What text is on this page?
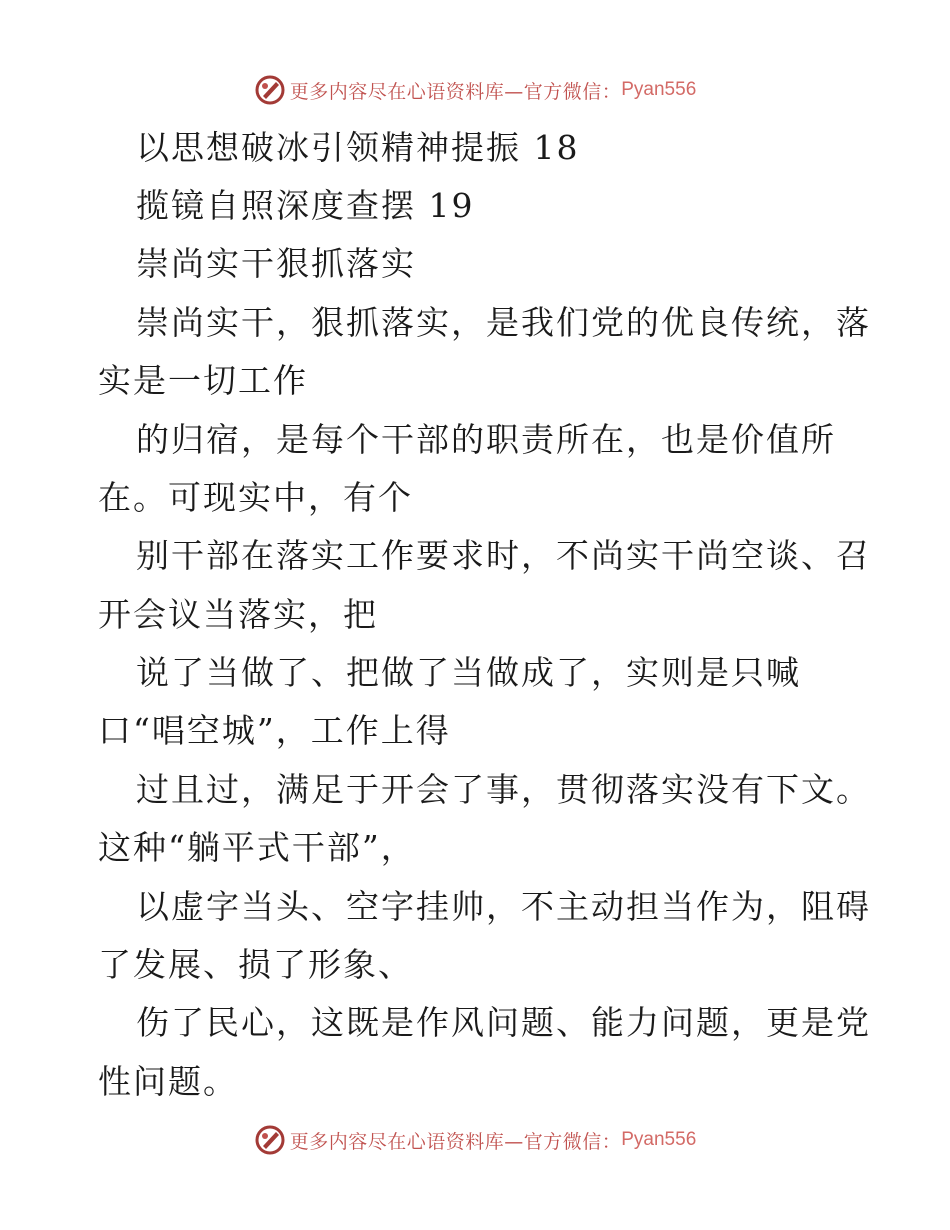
更多内容尽在心语资料库—官方微信： Pyan556
以思想破冰引领精神提振 18
揽镜自照深度查摆 19
崇尚实干狠抓落实
崇尚实干，狠抓落实，是我们党的优良传统，落
实是一切工作
的归宿，是每个干部的职责所在，也是价值所
在。可现实中，有个
别干部在落实工作要求时，不尚实干尚空谈、召
开会议当落实，把
说了当做了、把做了当做成了，实则是只喊
口“唱空城”，工作上得
过且过，满足于开会了事，贯彻落实没有下文。
这种“躺平式干部”，
以虚字当头、空字挂帅，不主动担当作为，阻碍
了发展、损了形象、
伤了民心，这既是作风问题、能力问题，更是党
性问题。
更多内容尽在心语资料库—官方微信： Pyan556
